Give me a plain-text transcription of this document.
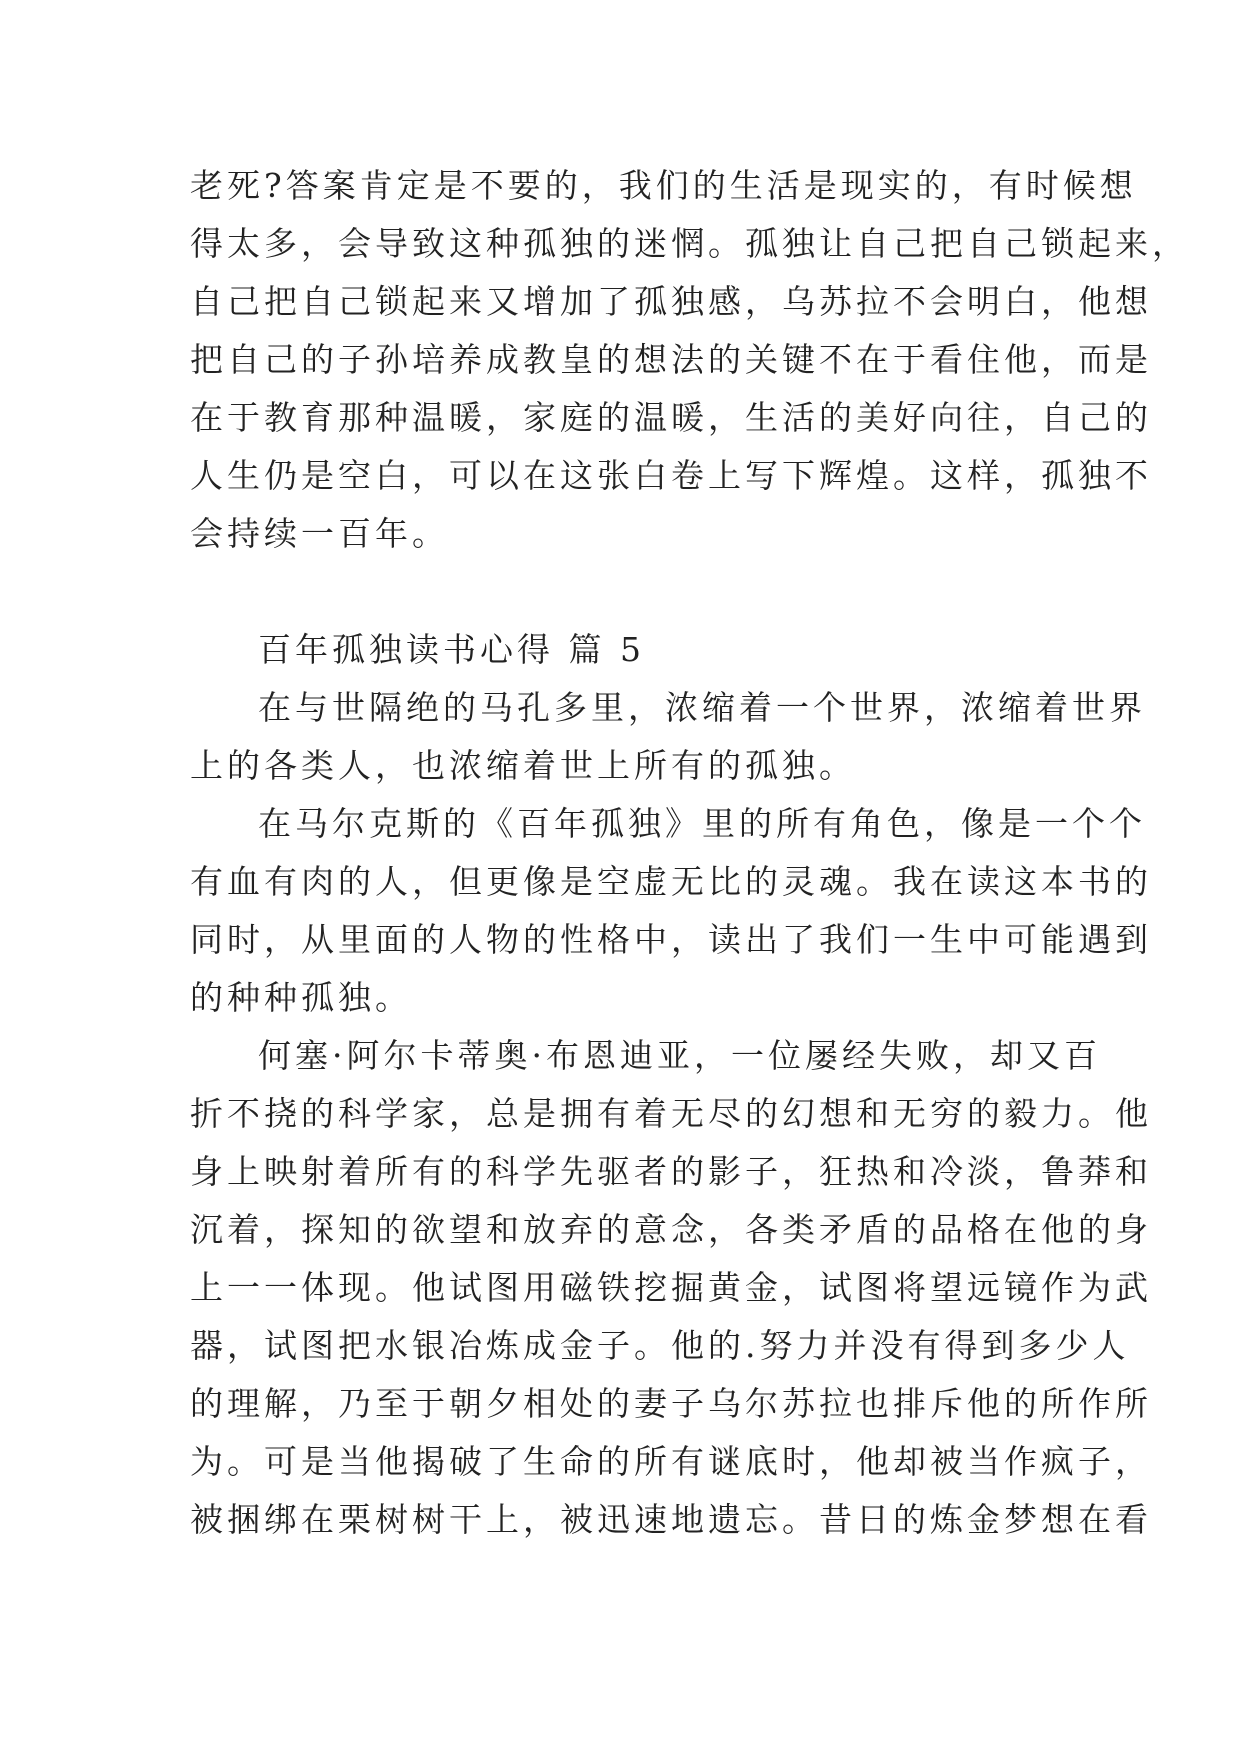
老死?答案肯定是不要的，我们的生活是现实的，有时候想
得太多，会导致这种孤独的迷惘。孤独让自己把自己锁起来，
自己把自己锁起来又增加了孤独感，乌苏拉不会明白，他想
把自己的子孙培养成教皇的想法的关键不在于看住他，而是
在于教育那种温暖，家庭的温暖，生活的美好向往，自己的
人生仍是空白，可以在这张白卷上写下辉煌。这样，孤独不
会持续一百年。
百年孤独读书心得 篇 5
在与世隔绝的马孔多里，浓缩着一个世界，浓缩着世界
上的各类人，也浓缩着世上所有的孤独。
在马尔克斯的《百年孤独》里的所有角色，像是一个个
有血有肉的人，但更像是空虚无比的灵魂。我在读这本书的
同时，从里面的人物的性格中，读出了我们一生中可能遇到
的种种孤独。
何塞·阿尔卡蒂奥·布恩迪亚，一位屡经失败，却又百
折不挠的科学家，总是拥有着无尽的幻想和无穷的毅力。他
身上映射着所有的科学先驱者的影子，狂热和冷淡，鲁莽和
沉着，探知的欲望和放弃的意念，各类矛盾的品格在他的身
上一一体现。他试图用磁铁挖掘黄金，试图将望远镜作为武
器，试图把水银冶炼成金子。他的.努力并没有得到多少人
的理解，乃至于朝夕相处的妻子乌尔苏拉也排斥他的所作所
为。可是当他揭破了生命的所有谜底时，他却被当作疯子，
被捆绑在栗树树干上，被迅速地遗忘。昔日的炼金梦想在看
